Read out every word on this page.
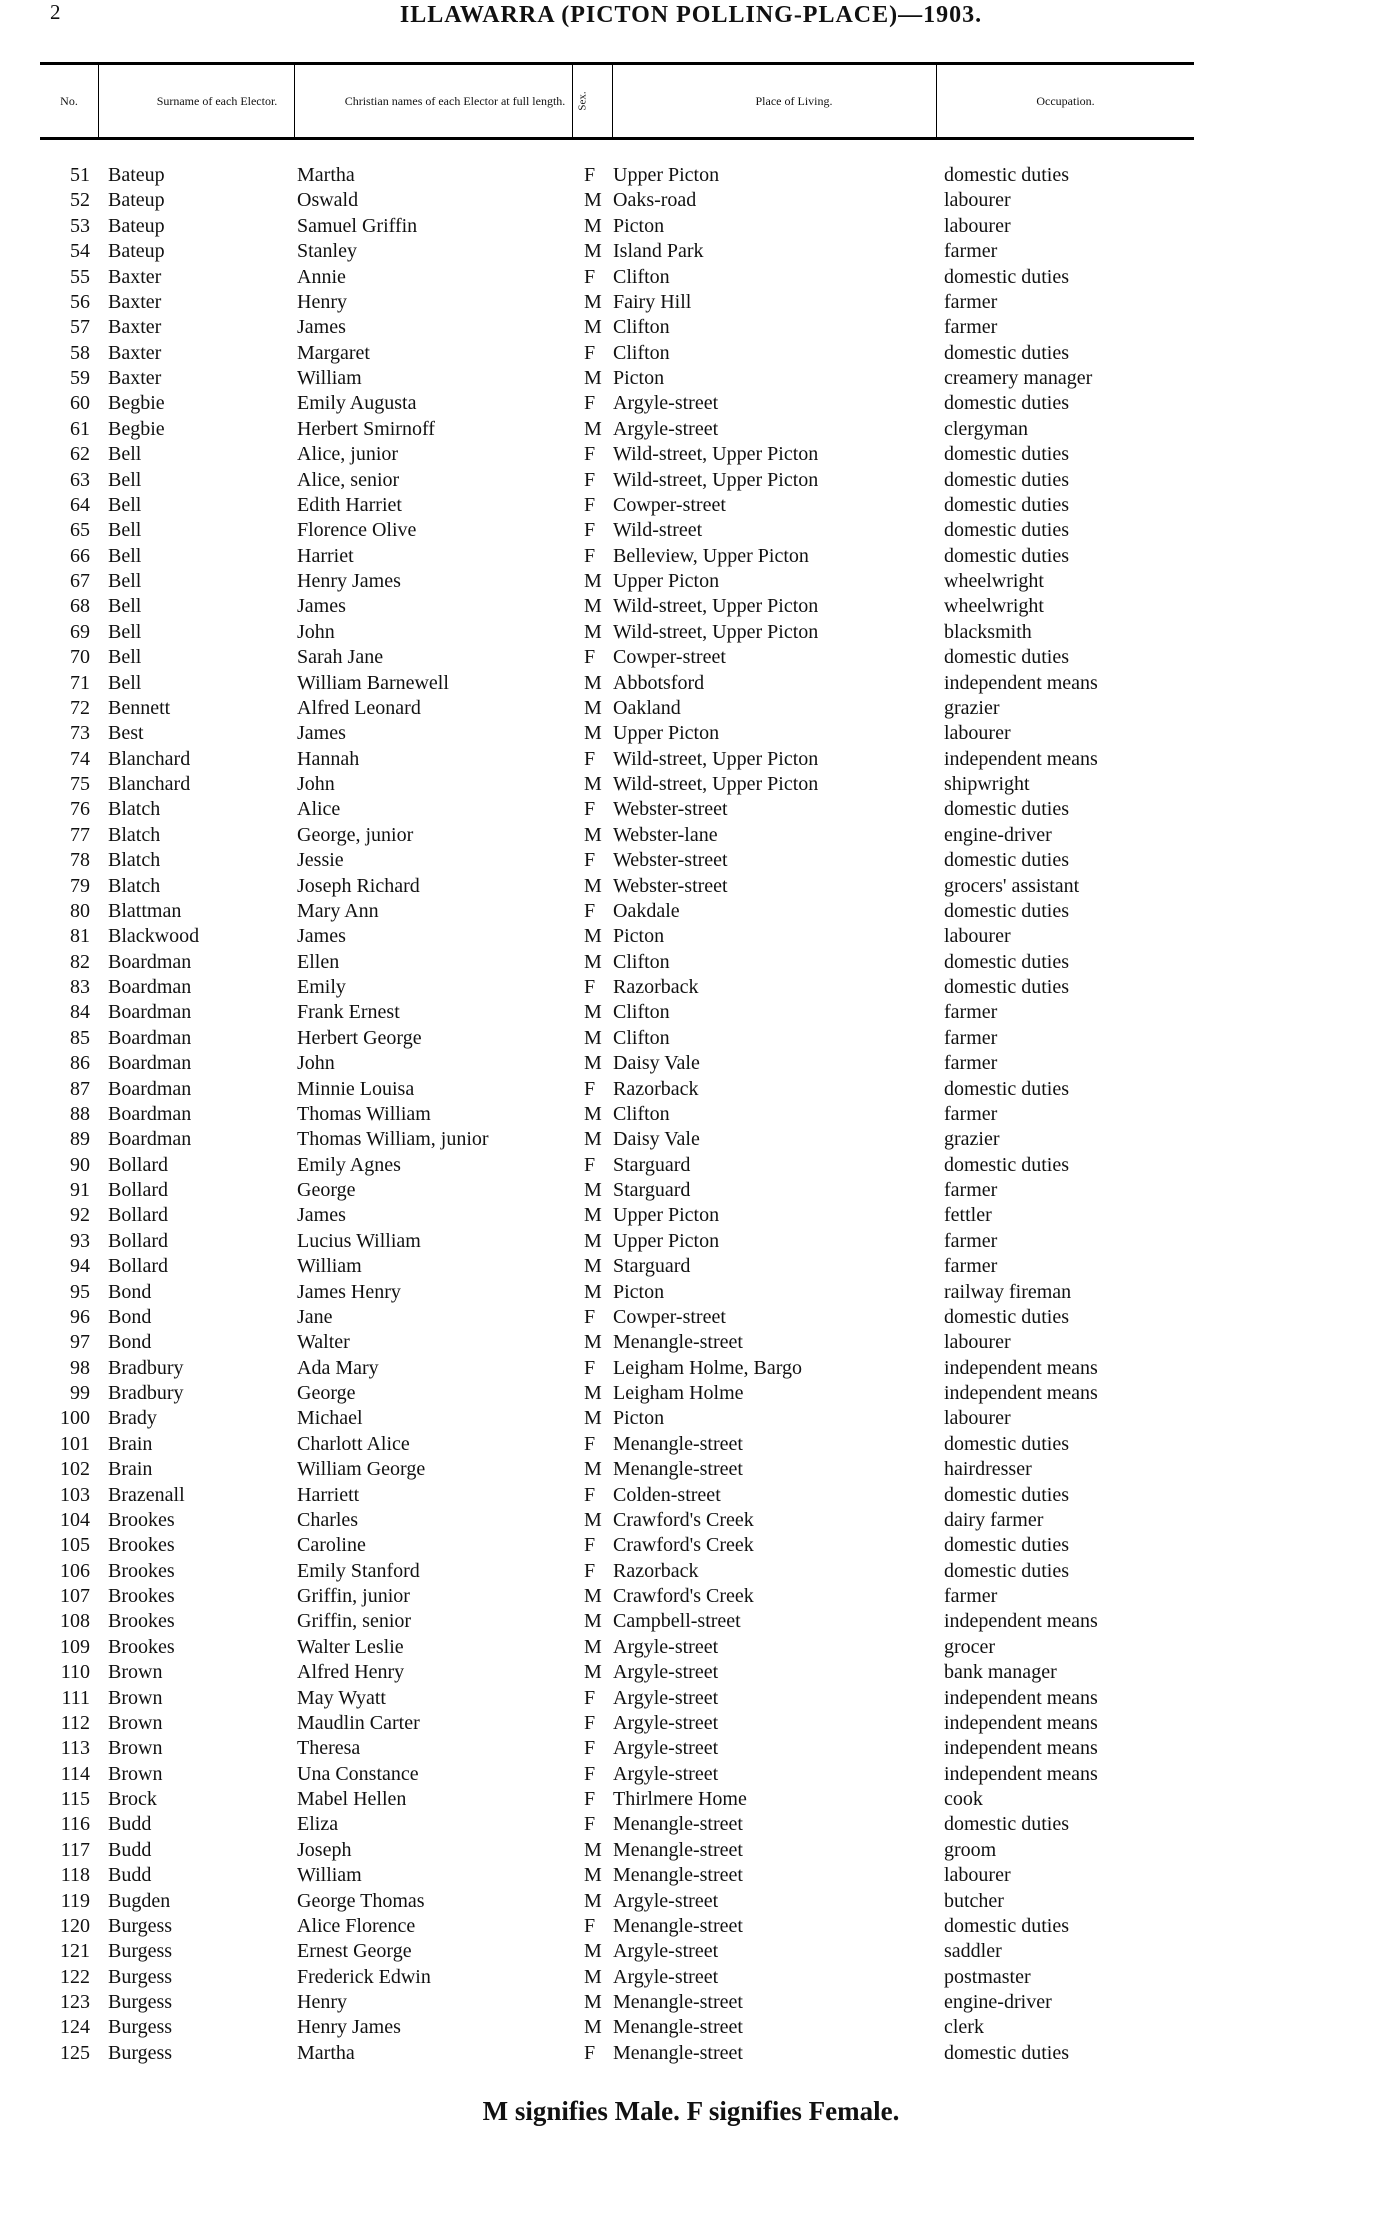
2	ILLAWARRA (PICTON POLLING-PLACE)—1903.
No.	Surname of each Elector.	Christian names of each Elector at full length.	Sex.	Place of Living.	Occupation.
51 Bateup	Martha	F Upper Picton	domestic duties
52 Bateup	Oswald	M Oaks-road	labourer
53 Bateup	Samuel Griffin	M Picton	labourer
54 Bateup	Stanley	M Island Park	farmer
55 Baxter	Annie	F Clifton	domestic duties
56 Baxter	Henry	M Fairy Hill	farmer
57 Baxter	James	M Clifton	farmer
58 Baxter	Margaret	F Clifton	domestic duties
59 Baxter	William	M Picton	creamery manager
60 Begbie	Emily Augusta	F Argyle-street	domestic duties
61 Begbie	Herbert Smirnoff	M Argyle-street	clergyman
62 Bell	Alice, junior	F Wild-street, Upper Picton	domestic duties
63 Bell	Alice, senior	F Wild-street, Upper Picton	domestic duties
64 Bell	Edith Harriet	F Cowper-street	domestic duties
65 Bell	Florence Olive	F Wild-street	domestic duties
66 Bell	Harriet	F Belleview, Upper Picton	domestic duties
67 Bell	Henry James	M Upper Picton	wheelwright
68 Bell	James	M Wild-street, Upper Picton	wheelwright
69 Bell	John	M Wild-street, Upper Picton	blacksmith
70 Bell	Sarah Jane	F Cowper-street	domestic duties
71 Bell	William Barnewell	M Abbotsford	independent means
72 Bennett	Alfred Leonard	M Oakland	grazier
73 Best	James	M Upper Picton	labourer
74 Blanchard	Hannah	F Wild-street, Upper Picton	independent means
75 Blanchard	John	M Wild-street, Upper Picton	shipwright
76 Blatch	Alice	F Webster-street	domestic duties
77 Blatch	George, junior	M Webster-lane	engine-driver
78 Blatch	Jessie	F Webster-street	domestic duties
79 Blatch	Joseph Richard	M Webster-street	grocers' assistant
80 Blattman	Mary Ann	F Oakdale	domestic duties
81 Blackwood	James	M Picton	labourer
82 Boardman	Ellen	M Clifton	domestic duties
83 Boardman	Emily	F Razorback	domestic duties
84 Boardman	Frank Ernest	M Clifton	farmer
85 Boardman	Herbert George	M Clifton	farmer
86 Boardman	John	M Daisy Vale	farmer
87 Boardman	Minnie Louisa	F Razorback	domestic duties
88 Boardman	Thomas William	M Clifton	farmer
89 Boardman	Thomas William, junior	M Daisy Vale	grazier
90 Bollard	Emily Agnes	F Starguard	domestic duties
91 Bollard	George	M Starguard	farmer
92 Bollard	James	M Upper Picton	fettler
93 Bollard	Lucius William	M Upper Picton	farmer
94 Bollard	William	M Starguard	farmer
95 Bond	James Henry	M Picton	railway fireman
96 Bond	Jane	F Cowper-street	domestic duties
97 Bond	Walter	M Menangle-street	labourer
98 Bradbury	Ada Mary	F Leigham Holme, Bargo	independent means
99 Bradbury	George	M Leigham Holme	independent means
100 Brady	Michael	M Picton	labourer
101 Brain	Charlott Alice	F Menangle-street	domestic duties
102 Brain	William George	M Menangle-street	hairdresser
103 Brazenall	Harriett	F Colden-street	domestic duties
104 Brookes	Charles	M Crawford's Creek	dairy farmer
105 Brookes	Caroline	F Crawford's Creek	domestic duties
106 Brookes	Emily Stanford	F Razorback	domestic duties
107 Brookes	Griffin, junior	M Crawford's Creek	farmer
108 Brookes	Griffin, senior	M Campbell-street	independent means
109 Brookes	Walter Leslie	M Argyle-street	grocer
110 Brown	Alfred Henry	M Argyle-street	bank manager
111 Brown	May Wyatt	F Argyle-street	independent means
112 Brown	Maudlin Carter	F Argyle-street	independent means
113 Brown	Theresa	F Argyle-street	independent means
114 Brown	Una Constance	F Argyle-street	independent means
115 Brock	Mabel Hellen	F Thirlmere Home	cook
116 Budd	Eliza	F Menangle-street	domestic duties
117 Budd	Joseph	M Menangle-street	groom
118 Budd	William	M Menangle-street	labourer
119 Bugden	George Thomas	M Argyle-street	butcher
120 Burgess	Alice Florence	F Menangle-street	domestic duties
121 Burgess	Ernest George	M Argyle-street	saddler
122 Burgess	Frederick Edwin	M Argyle-street	postmaster
123 Burgess	Henry	M Menangle-street	engine-driver
124 Burgess	Henry James	M Menangle-street	clerk
125 Burgess	Martha	F Menangle-street	domestic duties
M signifies Male. F signifies Female.
